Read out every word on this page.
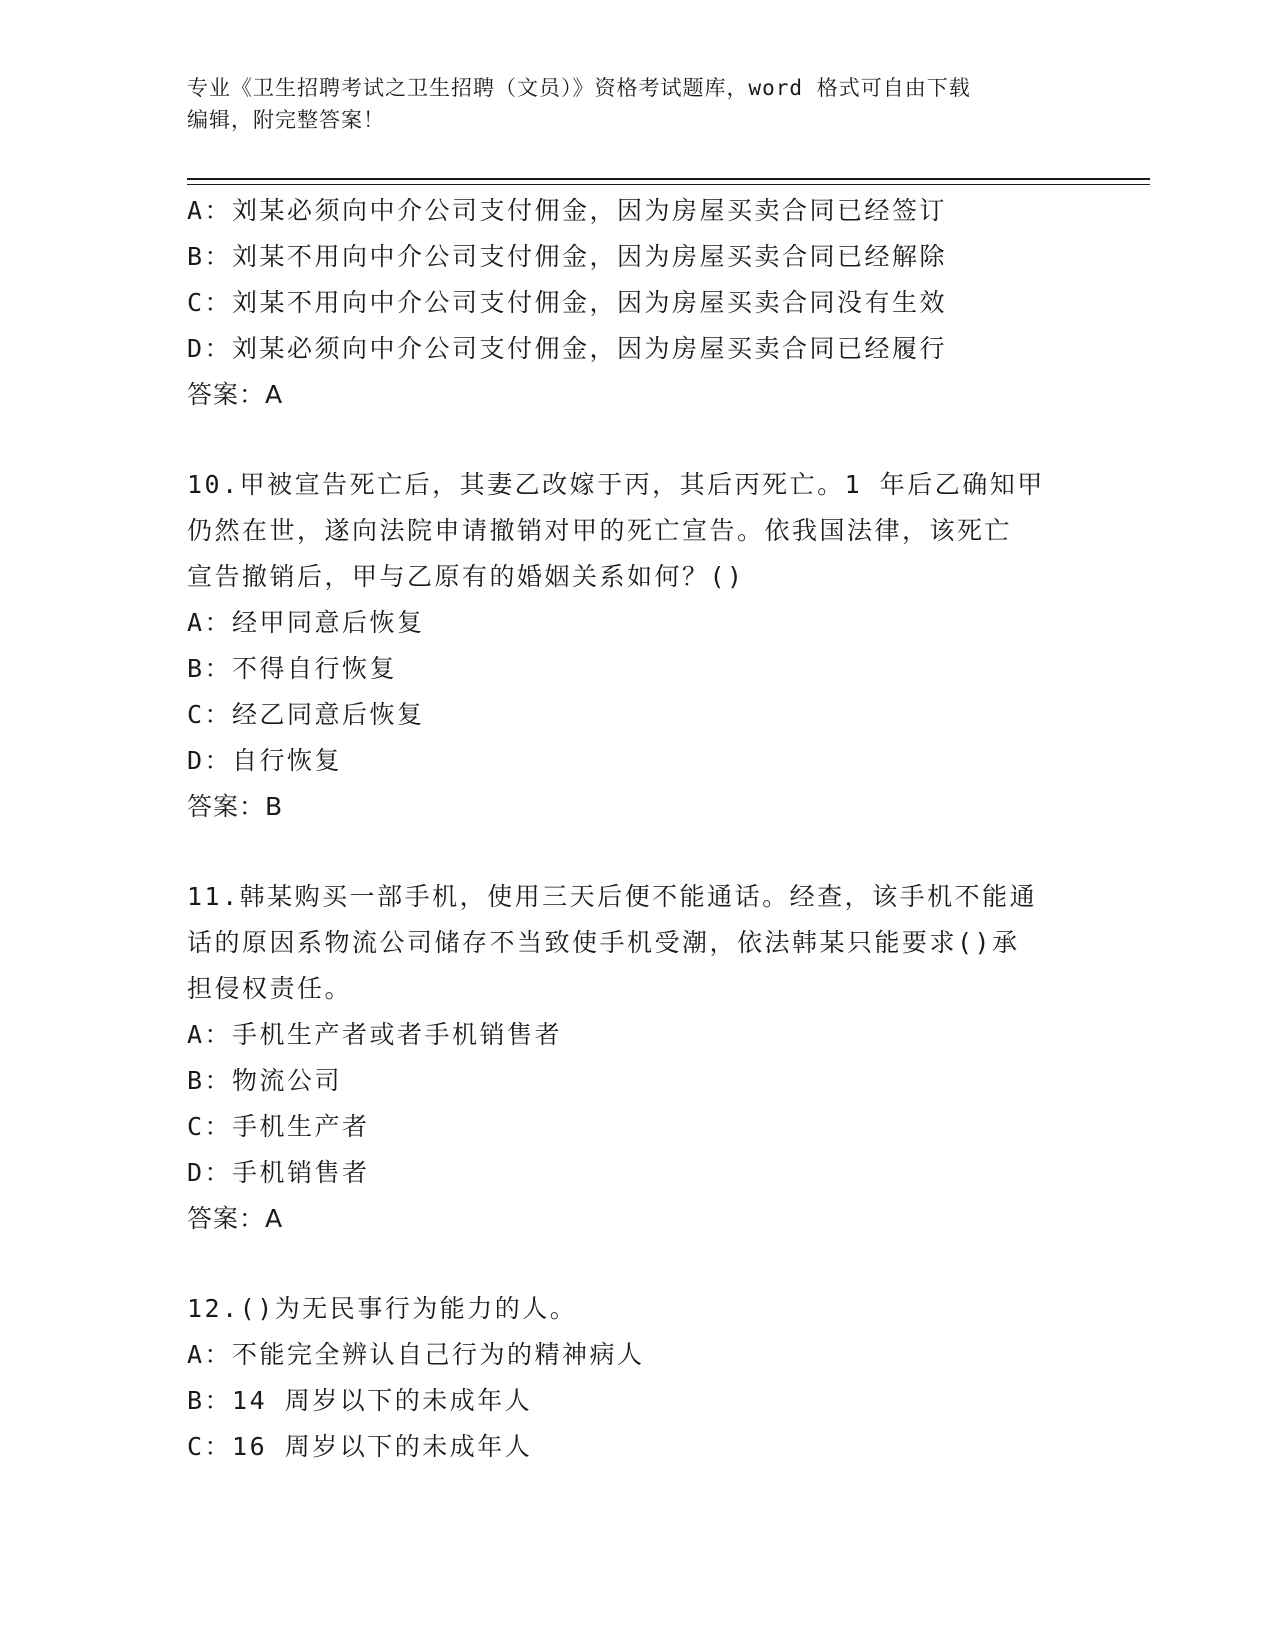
专业《卫生招聘考试之卫生招聘（文员）》资格考试题库，word 格式可自由下载
编辑，附完整答案！
A：刘某必须向中介公司支付佣金，因为房屋买卖合同已经签订
B：刘某不用向中介公司支付佣金，因为房屋买卖合同已经解除
C：刘某不用向中介公司支付佣金，因为房屋买卖合同没有生效
D：刘某必须向中介公司支付佣金，因为房屋买卖合同已经履行
答案：A
10.甲被宣告死亡后，其妻乙改嫁于丙，其后丙死亡。1 年后乙确知甲
仍然在世，遂向法院申请撤销对甲的死亡宣告。依我国法律，该死亡
宣告撤销后，甲与乙原有的婚姻关系如何？()
A：经甲同意后恢复
B：不得自行恢复
C：经乙同意后恢复
D：自行恢复
答案：B
11.韩某购买一部手机，使用三天后便不能通话。经查，该手机不能通
话的原因系物流公司储存不当致使手机受潮，依法韩某只能要求()承
担侵权责任。
A：手机生产者或者手机销售者
B：物流公司
C：手机生产者
D：手机销售者
答案：A
12.()为无民事行为能力的人。
A：不能完全辨认自己行为的精神病人
B：14 周岁以下的未成年人
C：16 周岁以下的未成年人
